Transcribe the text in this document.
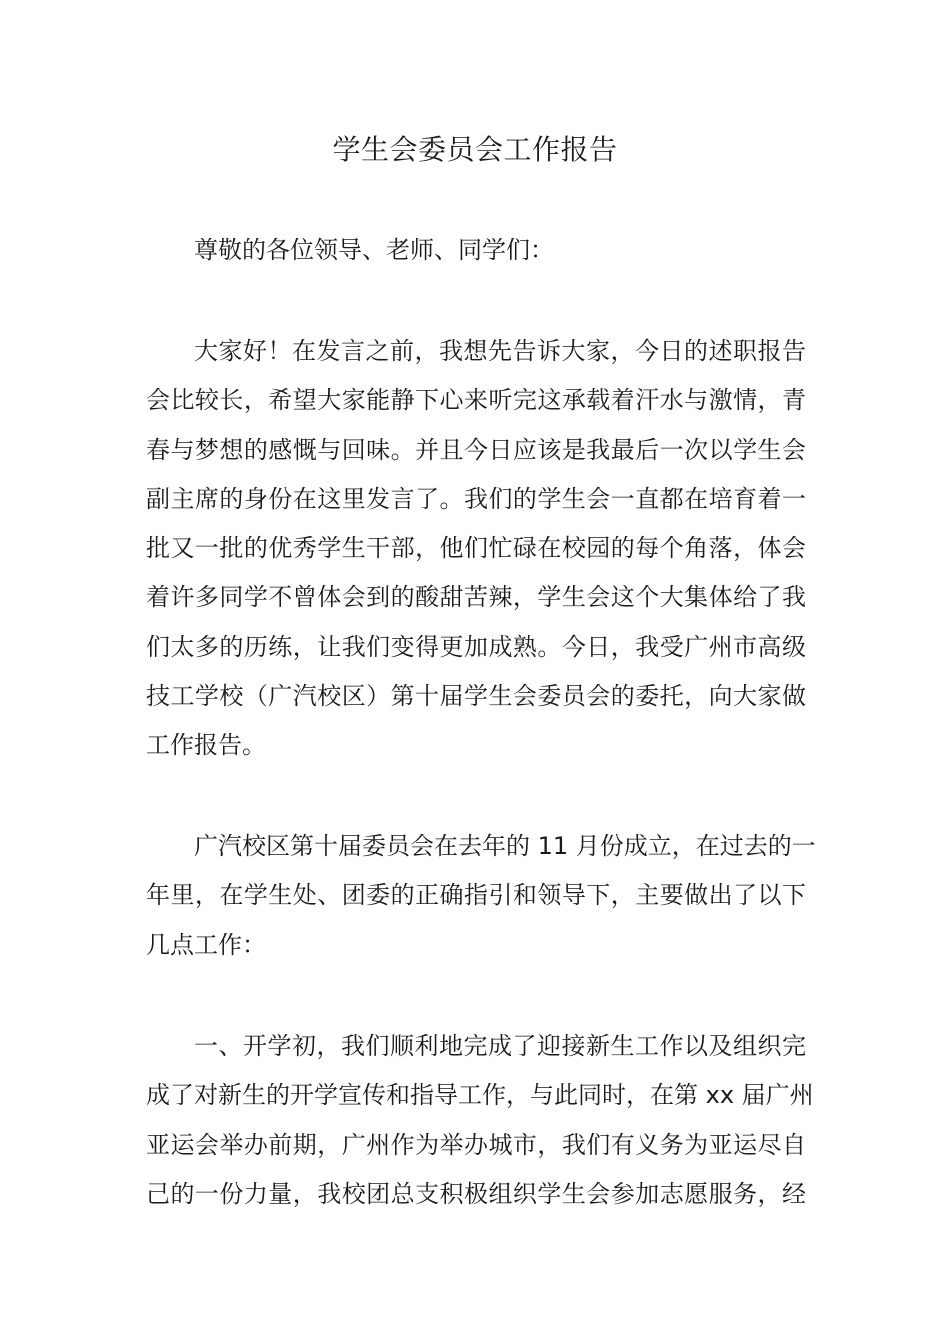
学生会委员会工作报告
尊敬的各位领导、老师、同学们：
大家好！在发言之前，我想先告诉大家，今日的述职报告
会比较长，希望大家能静下心来听完这承载着汗水与激情，青
春与梦想的感慨与回味。并且今日应该是我最后一次以学生会
副主席的身份在这里发言了。我们的学生会一直都在培育着一
批又一批的优秀学生干部，他们忙碌在校园的每个角落，体会
着许多同学不曾体会到的酸甜苦辣，学生会这个大集体给了我
们太多的历练，让我们变得更加成熟。今日，我受广州市高级
技工学校（广汽校区）第十届学生会委员会的委托，向大家做
工作报告。
广汽校区第十届委员会在去年的 11 月份成立，在过去的一
年里，在学生处、团委的正确指引和领导下，主要做出了以下
几点工作：
一、开学初，我们顺利地完成了迎接新生工作以及组织完
成了对新生的开学宣传和指导工作，与此同时，在第 xx 届广州
亚运会举办前期，广州作为举办城市，我们有义务为亚运尽自
己的一份力量，我校团总支积极组织学生会参加志愿服务，经
